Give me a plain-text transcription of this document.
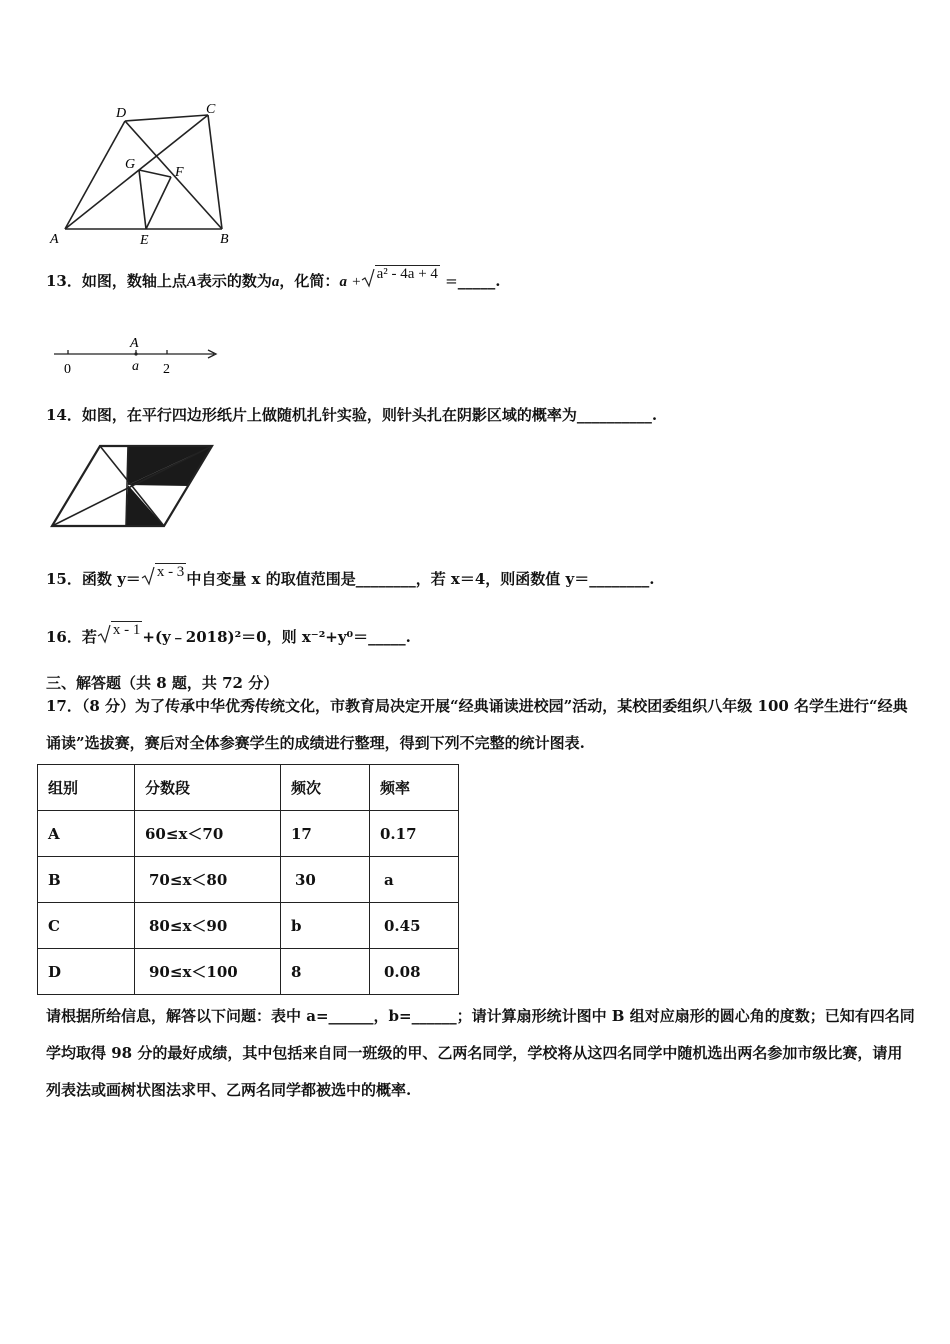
D	C
G
F
A	E	B
13．如图，数轴上点A表示的数为a，化简：a + a² - 4a + 4 =_____.
A
0	a 2
14．如图，在平行四边形纸片上做随机扎针实验，则针头扎在阴影区域的概率为__________.
15．函数 y＝ x - 3 中自变量 x 的取值范围是________，若 x＝4，则函数值 y＝________.
16．若 x - 1 +(y﹣2018)²＝0，则 x⁻²+y⁰＝_____.
三、解答题（共 8 题，共 72 分）
17．（8 分）为了传承中华优秀传统文化，市教育局决定开展“经典诵读进校园”活动，某校团委组织八年级 100 名学生进行“经典诵读”选拔赛，赛后对全体参赛学生的成绩进行整理，得到下列不完整的统计图表.
组别	分数段	频次	频率
A	60≤x＜70	17	0.17
B	70≤x＜80	30	a
C	80≤x＜90	b	0.45
D	90≤x＜100	8	0.08
请根据所给信息，解答以下问题：表中 a=______，b=______；请计算扇形统计图中 B 组对应扇形的圆心角的度数；已知有四名同学均取得 98 分的最好成绩，其中包括来自同一班级的甲、乙两名同学，学校将从这四名同学中随机选出两名参加市级比赛，请用列表法或画树状图法求甲、乙两名同学都被选中的概率.
